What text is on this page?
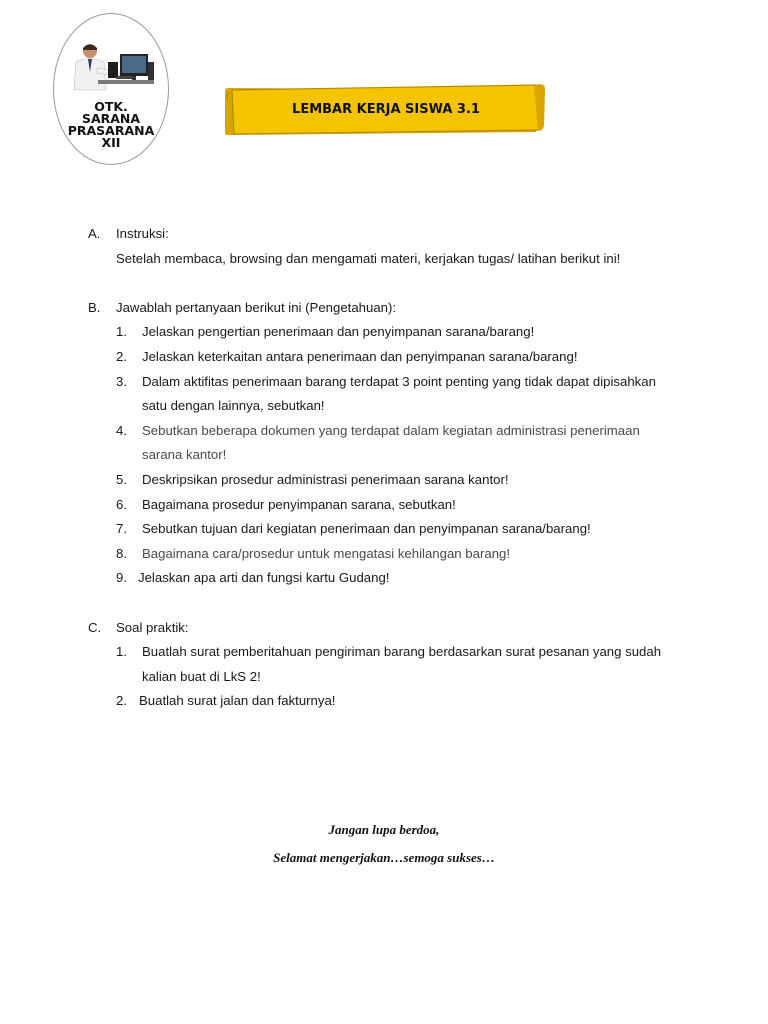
OTK.
SARANA
PRASARANA
XII
LEMBAR KERJA SISWA 3.1
A.	Instruksi:
Setelah membaca, browsing dan mengamati materi, kerjakan tugas/ latihan berikut ini!
B.	Jawablah pertanyaan berikut ini (Pengetahuan):
1.	Jelaskan pengertian penerimaan dan penyimpanan sarana/barang!
2.	Jelaskan keterkaitan antara penerimaan dan penyimpanan sarana/barang!
3.	Dalam aktifitas penerimaan barang terdapat 3 point penting yang tidak dapat dipisahkan
satu dengan lainnya, sebutkan!
4.	Sebutkan beberapa dokumen yang terdapat dalam kegiatan administrasi penerimaan
sarana kantor!
5.	Deskripsikan prosedur administrasi penerimaan sarana kantor!
6.	Bagaimana prosedur penyimpanan sarana, sebutkan!
7.	Sebutkan tujuan dari kegiatan penerimaan dan penyimpanan sarana/barang!
8.	Bagaimana cara/prosedur untuk mengatasi kehilangan barang!
9. Jelaskan apa arti dan fungsi kartu Gudang!
C.	Soal praktik:
1.	Buatlah surat pemberitahuan pengiriman barang berdasarkan surat pesanan yang sudah
kalian buat di LkS 2!
2. Buatlah surat jalan dan fakturnya!
Jangan lupa berdoa,
Selamat mengerjakan…semoga sukses…
